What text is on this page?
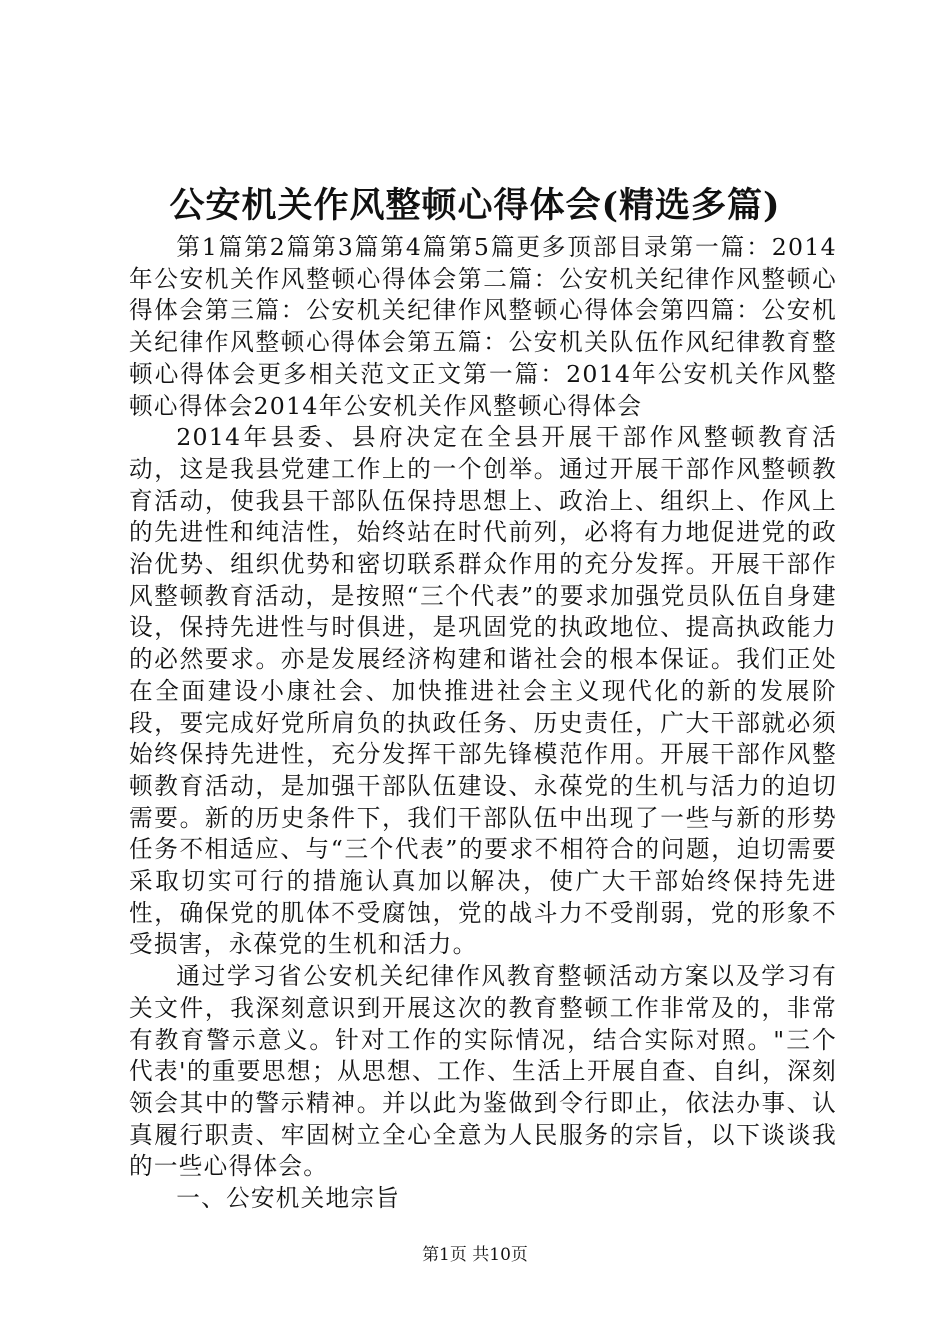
公安机关作风整顿心得体会(精选多篇)

第1篇第2篇第3篇第4篇第5篇更多顶部目录第一篇：2014年公安机关作风整顿心得体会第二篇：公安机关纪律作风整顿心得体会第三篇：公安机关纪律作风整顿心得体会第四篇：公安机关纪律作风整顿心得体会第五篇：公安机关队伍作风纪律教育整顿心得体会更多相关范文正文第一篇：2014年公安机关作风整顿心得体会2014年公安机关作风整顿心得体会

2014年县委、县府决定在全县开展干部作风整顿教育活动，这是我县党建工作上的一个创举。通过开展干部作风整顿教育活动，使我县干部队伍保持思想上、政治上、组织上、作风上的先进性和纯洁性，始终站在时代前列，必将有力地促进党的政治优势、组织优势和密切联系群众作用的充分发挥。开展干部作风整顿教育活动，是按照“三个代表”的要求加强党员队伍自身建设，保持先进性与时俱进，是巩固党的执政地位、提高执政能力的必然要求。亦是发展经济构建和谐社会的根本保证。我们正处在全面建设小康社会、加快推进社会主义现代化的新的发展阶段，要完成好党所肩负的执政任务、历史责任，广大干部就必须始终保持先进性，充分发挥干部先锋模范作用。开展干部作风整顿教育活动，是加强干部队伍建设、永葆党的生机与活力的迫切需要。新的历史条件下，我们干部队伍中出现了一些与新的形势任务不相适应、与“三个代表”的要求不相符合的问题，迫切需要采取切实可行的措施认真加以解决，使广大干部始终保持先进性，确保党的肌体不受腐蚀，党的战斗力不受削弱，党的形象不受损害，永葆党的生机和活力。

通过学习省公安机关纪律作风教育整顿活动方案以及学习有关文件，我深刻意识到开展这次的教育整顿工作非常及的，非常有教育警示意义。针对工作的实际情况，结合实际对照。"三个代表'的重要思想；从思想、工作、生活上开展自查、自纠，深刻领会其中的警示精神。并以此为鉴做到令行即止，依法办事、认真履行职责、牢固树立全心全意为人民服务的宗旨，以下谈谈我的一些心得体会。

一、公安机关地宗旨

第1页 共10页
